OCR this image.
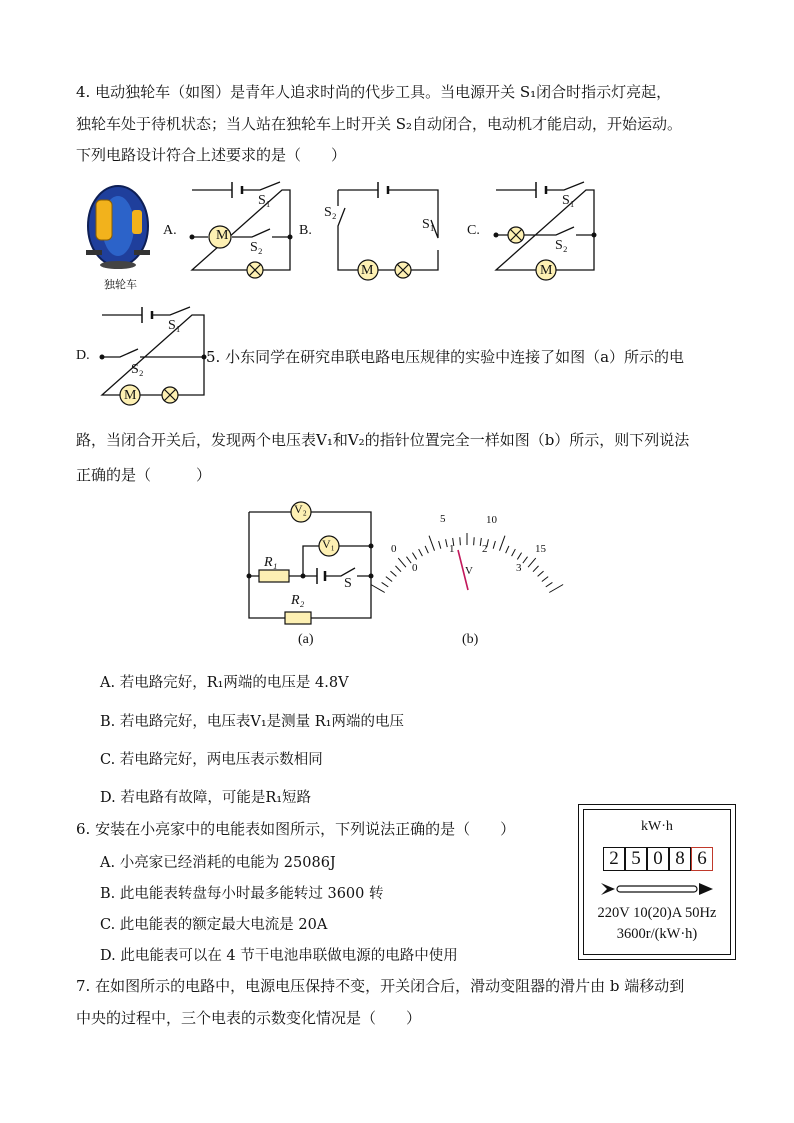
4. 电动独轮车（如图）是青年人追求时尚的代步工具。当电源开关 S₁闭合时指示灯亮起，
独轮车处于待机状态；当人站在独轮车上时开关 S₂自动闭合，电动机才能启动，开始运动。
下列电路设计符合上述要求的是（　　）
独轮车
A.	M
S₁
S₂
B.
S₂
S₁
M
C.
S₁
S₂
M
D.
S₁
S₂
M
5. 小东同学在研究串联电路电压规律的实验中连接了如图（a）所示的电
路，当闭合开关后，发现两个电压表V₁和V₂的指针位置完全一样如图（b）所示，则下列说法
正确的是（　　　）
V₂
V₁
R₁
R₂
S
(a)
0
5	10
15
0
1	2
3
V
(b)
A. 若电路完好，R₁两端的电压是 4.8V
B. 若电路完好，电压表V₁是测量 R₁两端的电压
C. 若电路完好，两电压表示数相同
D. 若电路有故障，可能是R₁短路
6. 安装在小亮家中的电能表如图所示，下列说法正确的是（　　）
A. 小亮家已经消耗的电能为 25086J
B. 此电能表转盘每小时最多能转过 3600 转
C. 此电能表的额定最大电流是 20A
D. 此电能表可以在 4 节干电池串联做电源的电路中使用
kW·h
2 5 0 8 6
220V 10(20)A 50Hz
3600r/(kW·h)
7. 在如图所示的电路中，电源电压保持不变，开关闭合后，滑动变阻器的滑片由 b 端移动到
中央的过程中，三个电表的示数变化情况是（　　）
